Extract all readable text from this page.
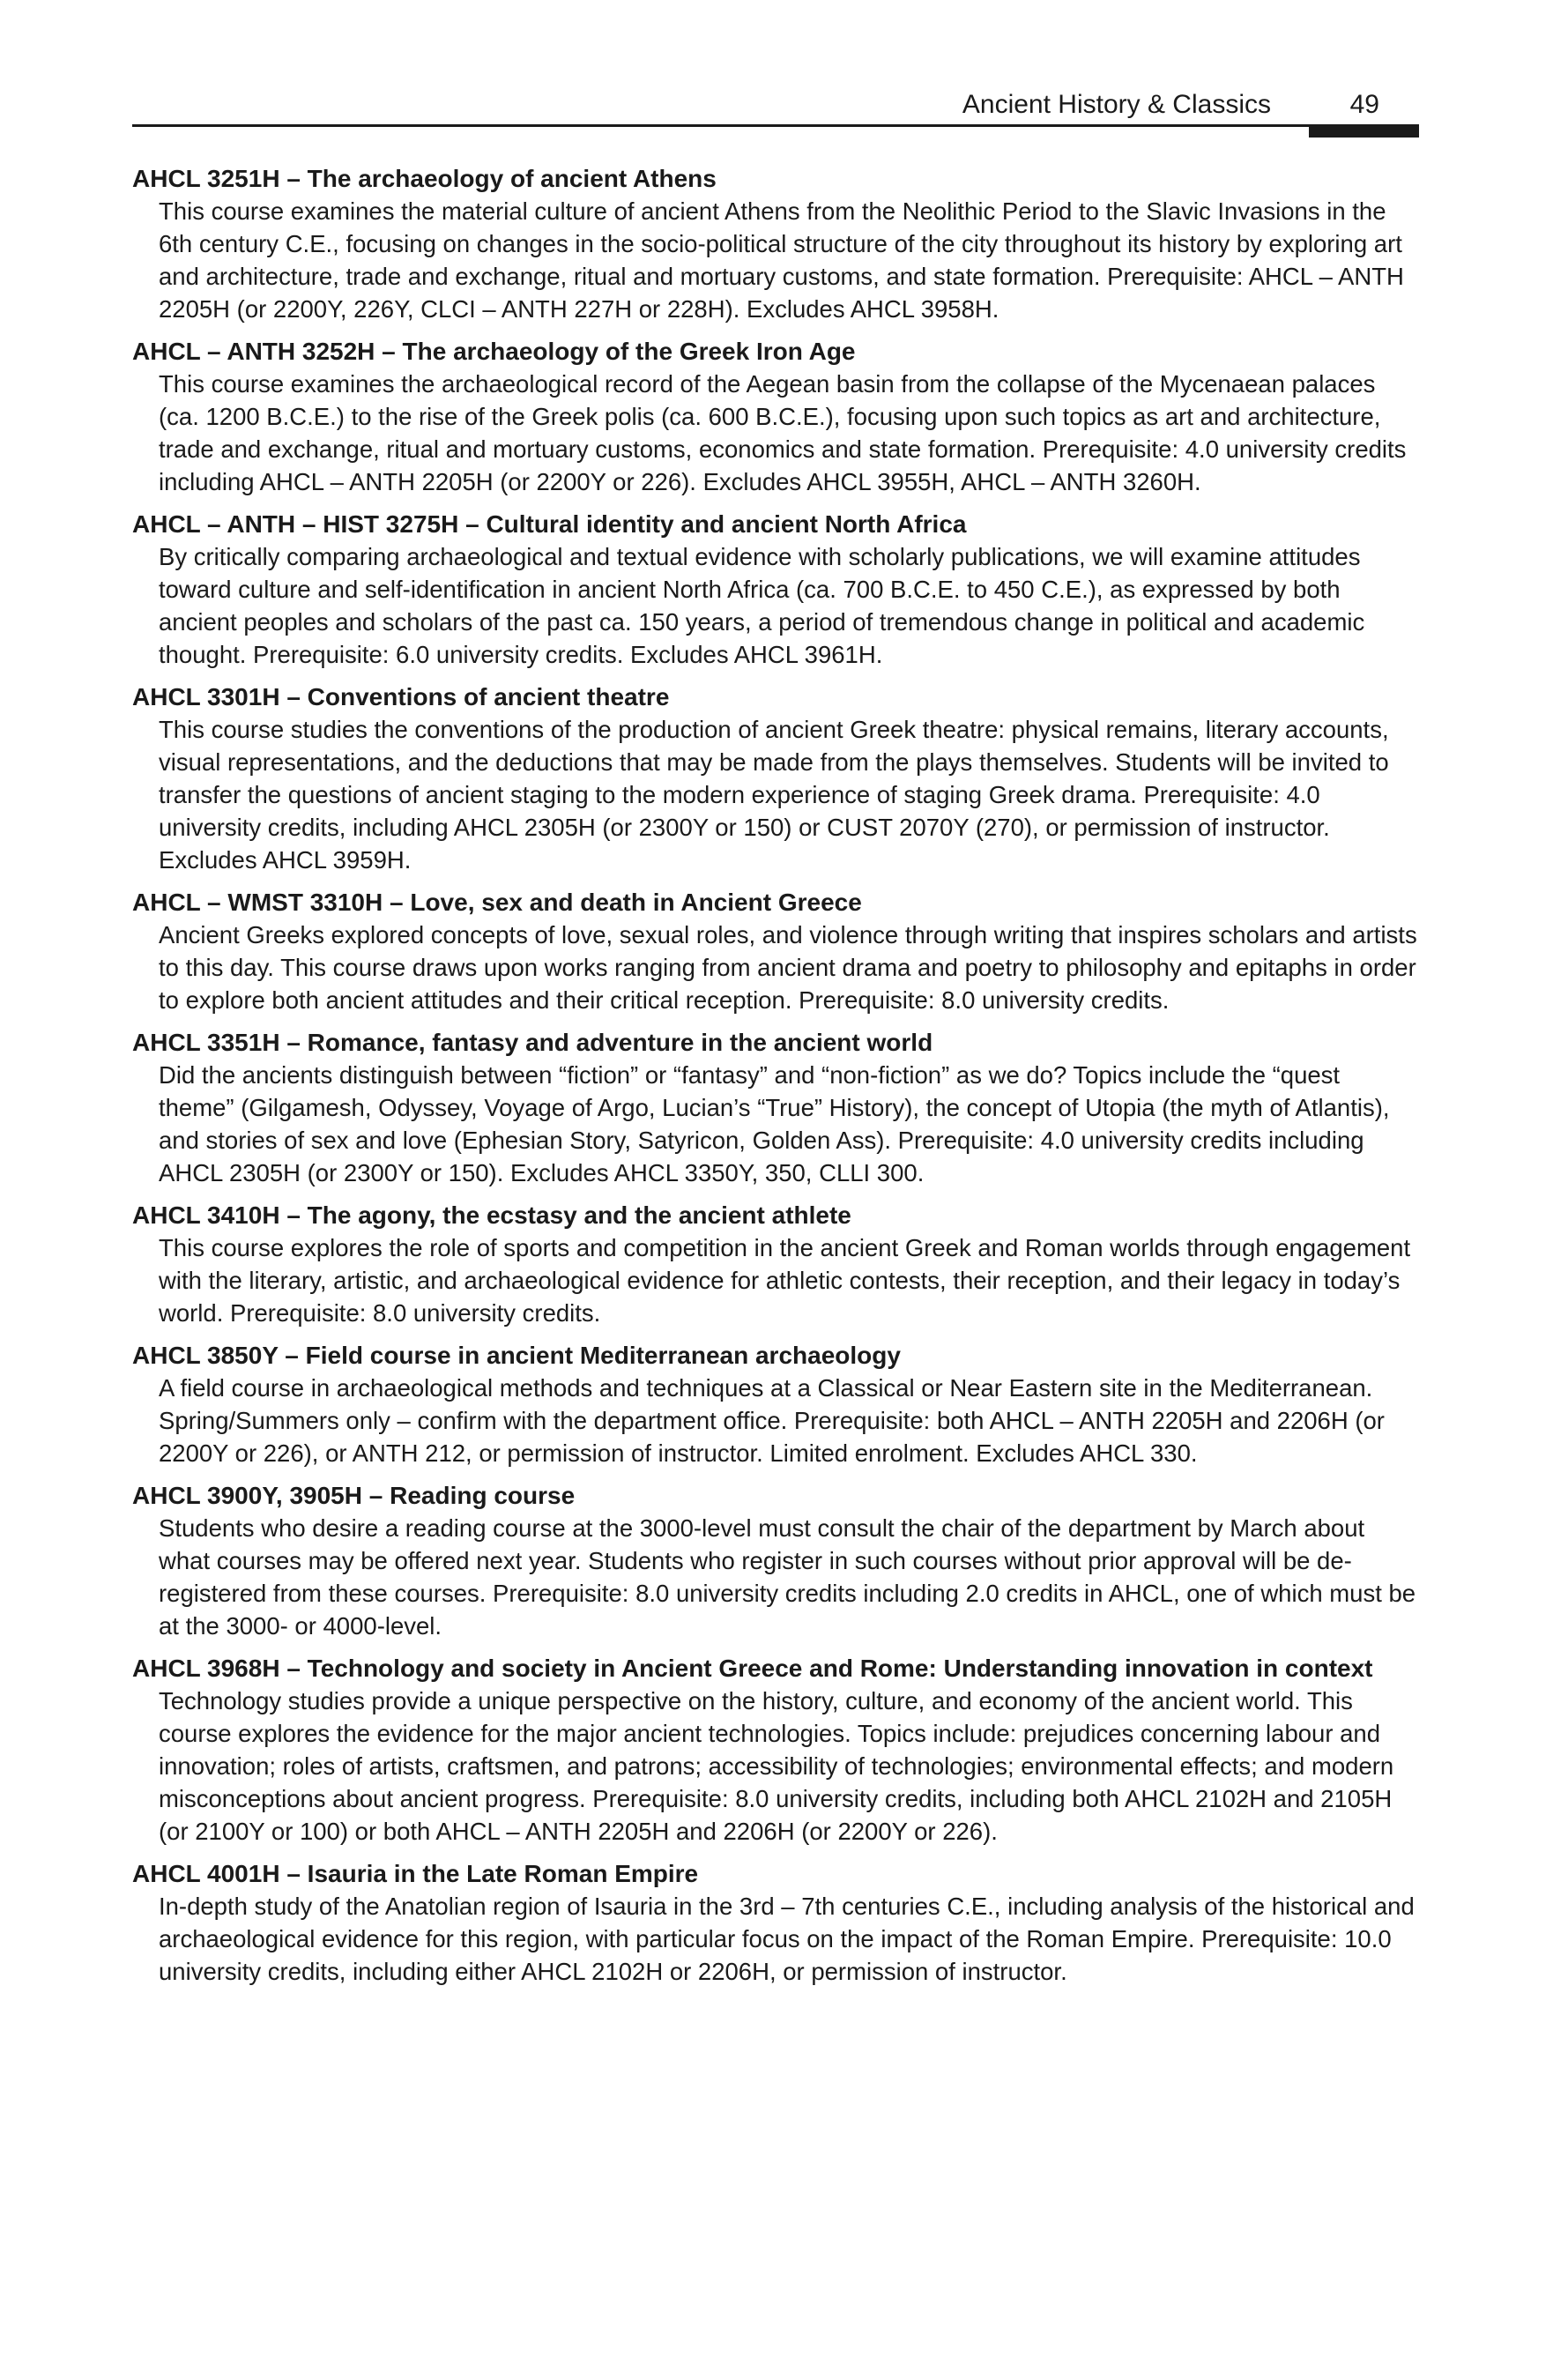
Ancient History & Classics	49
AHCL 3251H – The archaeology of ancient Athens
This course examines the material culture of ancient Athens from the Neolithic Period to the Slavic Invasions in the 6th century C.E., focusing on changes in the socio-political structure of the city throughout its history by exploring art and architecture, trade and exchange, ritual and mortuary customs, and state formation. Prerequisite: AHCL – ANTH 2205H (or 2200Y, 226Y, CLCI – ANTH 227H or 228H). Excludes AHCL 3958H.
AHCL – ANTH 3252H – The archaeology of the Greek Iron Age
This course examines the archaeological record of the Aegean basin from the collapse of the Mycenaean palaces (ca. 1200 B.C.E.) to the rise of the Greek polis (ca. 600 B.C.E.), focusing upon such topics as art and architecture, trade and exchange, ritual and mortuary customs, economics and state formation. Prerequisite: 4.0 university credits including AHCL – ANTH 2205H (or 2200Y or 226). Excludes AHCL 3955H, AHCL – ANTH 3260H.
AHCL – ANTH – HIST 3275H – Cultural identity and ancient North Africa
By critically comparing archaeological and textual evidence with scholarly publications, we will examine attitudes toward culture and self-identification in ancient North Africa (ca. 700 B.C.E. to 450 C.E.), as expressed by both ancient peoples and scholars of the past ca. 150 years, a period of tremendous change in political and academic thought. Prerequisite: 6.0 university credits. Excludes AHCL 3961H.
AHCL 3301H – Conventions of ancient theatre
This course studies the conventions of the production of ancient Greek theatre: physical remains, literary accounts, visual representations, and the deductions that may be made from the plays themselves. Students will be invited to transfer the questions of ancient staging to the modern experience of staging Greek drama. Prerequisite: 4.0 university credits, including AHCL 2305H (or 2300Y or 150) or CUST 2070Y (270), or permission of instructor. Excludes AHCL 3959H.
AHCL – WMST 3310H – Love, sex and death in Ancient Greece
Ancient Greeks explored concepts of love, sexual roles, and violence through writing that inspires scholars and artists to this day. This course draws upon works ranging from ancient drama and poetry to philosophy and epitaphs in order to explore both ancient attitudes and their critical reception. Prerequisite: 8.0 university credits.
AHCL 3351H – Romance, fantasy and adventure in the ancient world
Did the ancients distinguish between “fiction” or “fantasy” and “non-fiction” as we do? Topics include the “quest theme” (Gilgamesh, Odyssey, Voyage of Argo, Lucian’s “True” History), the concept of Utopia (the myth of Atlantis), and stories of sex and love (Ephesian Story, Satyricon, Golden Ass). Prerequisite: 4.0 university credits including AHCL 2305H (or 2300Y or 150). Excludes AHCL 3350Y, 350, CLLI 300.
AHCL 3410H – The agony, the ecstasy and the ancient athlete
This course explores the role of sports and competition in the ancient Greek and Roman worlds through engagement with the literary, artistic, and archaeological evidence for athletic contests, their reception, and their legacy in today’s world. Prerequisite: 8.0 university credits.
AHCL 3850Y – Field course in ancient Mediterranean archaeology
A field course in archaeological methods and techniques at a Classical or Near Eastern site in the Mediterranean. Spring/Summers only – confirm with the department office. Prerequisite: both AHCL – ANTH 2205H and 2206H (or 2200Y or 226), or ANTH 212, or permission of instructor. Limited enrolment. Excludes AHCL 330.
AHCL 3900Y, 3905H – Reading course
Students who desire a reading course at the 3000-level must consult the chair of the department by March about what courses may be offered next year. Students who register in such courses without prior approval will be de-registered from these courses. Prerequisite: 8.0 university credits including 2.0 credits in AHCL, one of which must be at the 3000- or 4000-level.
AHCL 3968H – Technology and society in Ancient Greece and Rome: Understanding innovation in context
Technology studies provide a unique perspective on the history, culture, and economy of the ancient world. This course explores the evidence for the major ancient technologies. Topics include: prejudices concerning labour and innovation; roles of artists, craftsmen, and patrons; accessibility of technologies; environmental effects; and modern misconceptions about ancient progress. Prerequisite: 8.0 university credits, including both AHCL 2102H and 2105H (or 2100Y or 100) or both AHCL – ANTH 2205H and 2206H (or 2200Y or 226).
AHCL 4001H – Isauria in the Late Roman Empire
In-depth study of the Anatolian region of Isauria in the 3rd – 7th centuries C.E., including analysis of the historical and archaeological evidence for this region, with particular focus on the impact of the Roman Empire. Prerequisite: 10.0 university credits, including either AHCL 2102H or 2206H, or permission of instructor.
